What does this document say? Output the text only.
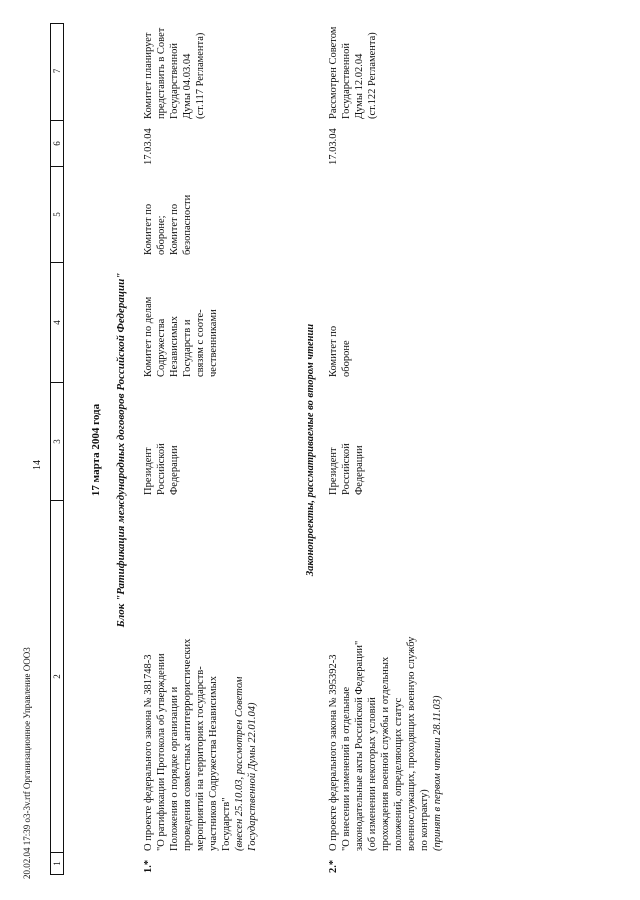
20.02.04 17:39 о3-3v.rtf Организационное Управление ООО3
14
1
2
3
4
5
6
7
17 марта 2004 года Блок "Ратификация международных договоров Российской Федерации"
1.*
О проекте федерального закона № 381748-3 "О ратификации Протокола об утверждении Положения о порядке организации и проведения совместных антитеррористических мероприятий на территориях государств- участников Содружества Независимых Государств" (внесен 25.10.03, рассмотрен Советом Государственной Думы 22.01.04)
Президент Российской Федерации
Комитет по делам Содружества Независимых Государств и связям с сооте- чественниками
Комитет по обороне; Комитет по безопасности
17.03.04
Комитет планирует представить в Совет Государственной Думы 04.03.04 (ст.117 Регламента)
Законопроекты, рассматриваемые во втором чтении
2.*
О проекте федерального закона № 395392-3 "О внесении изменений в отдельные законодательные акты Российской Федерации" (об изменении некоторых условий прохождения военной службы и отдельных положений, определяющих статус военнослужащих, проходящих военную службу по контракту) (принят в первом чтении 28.11.03)
Президент Российской Федерации
Комитет по обороне
17.03.04
Рассмотрен Советом Государственной Думы 12.02.04 (ст.122 Регламента)
